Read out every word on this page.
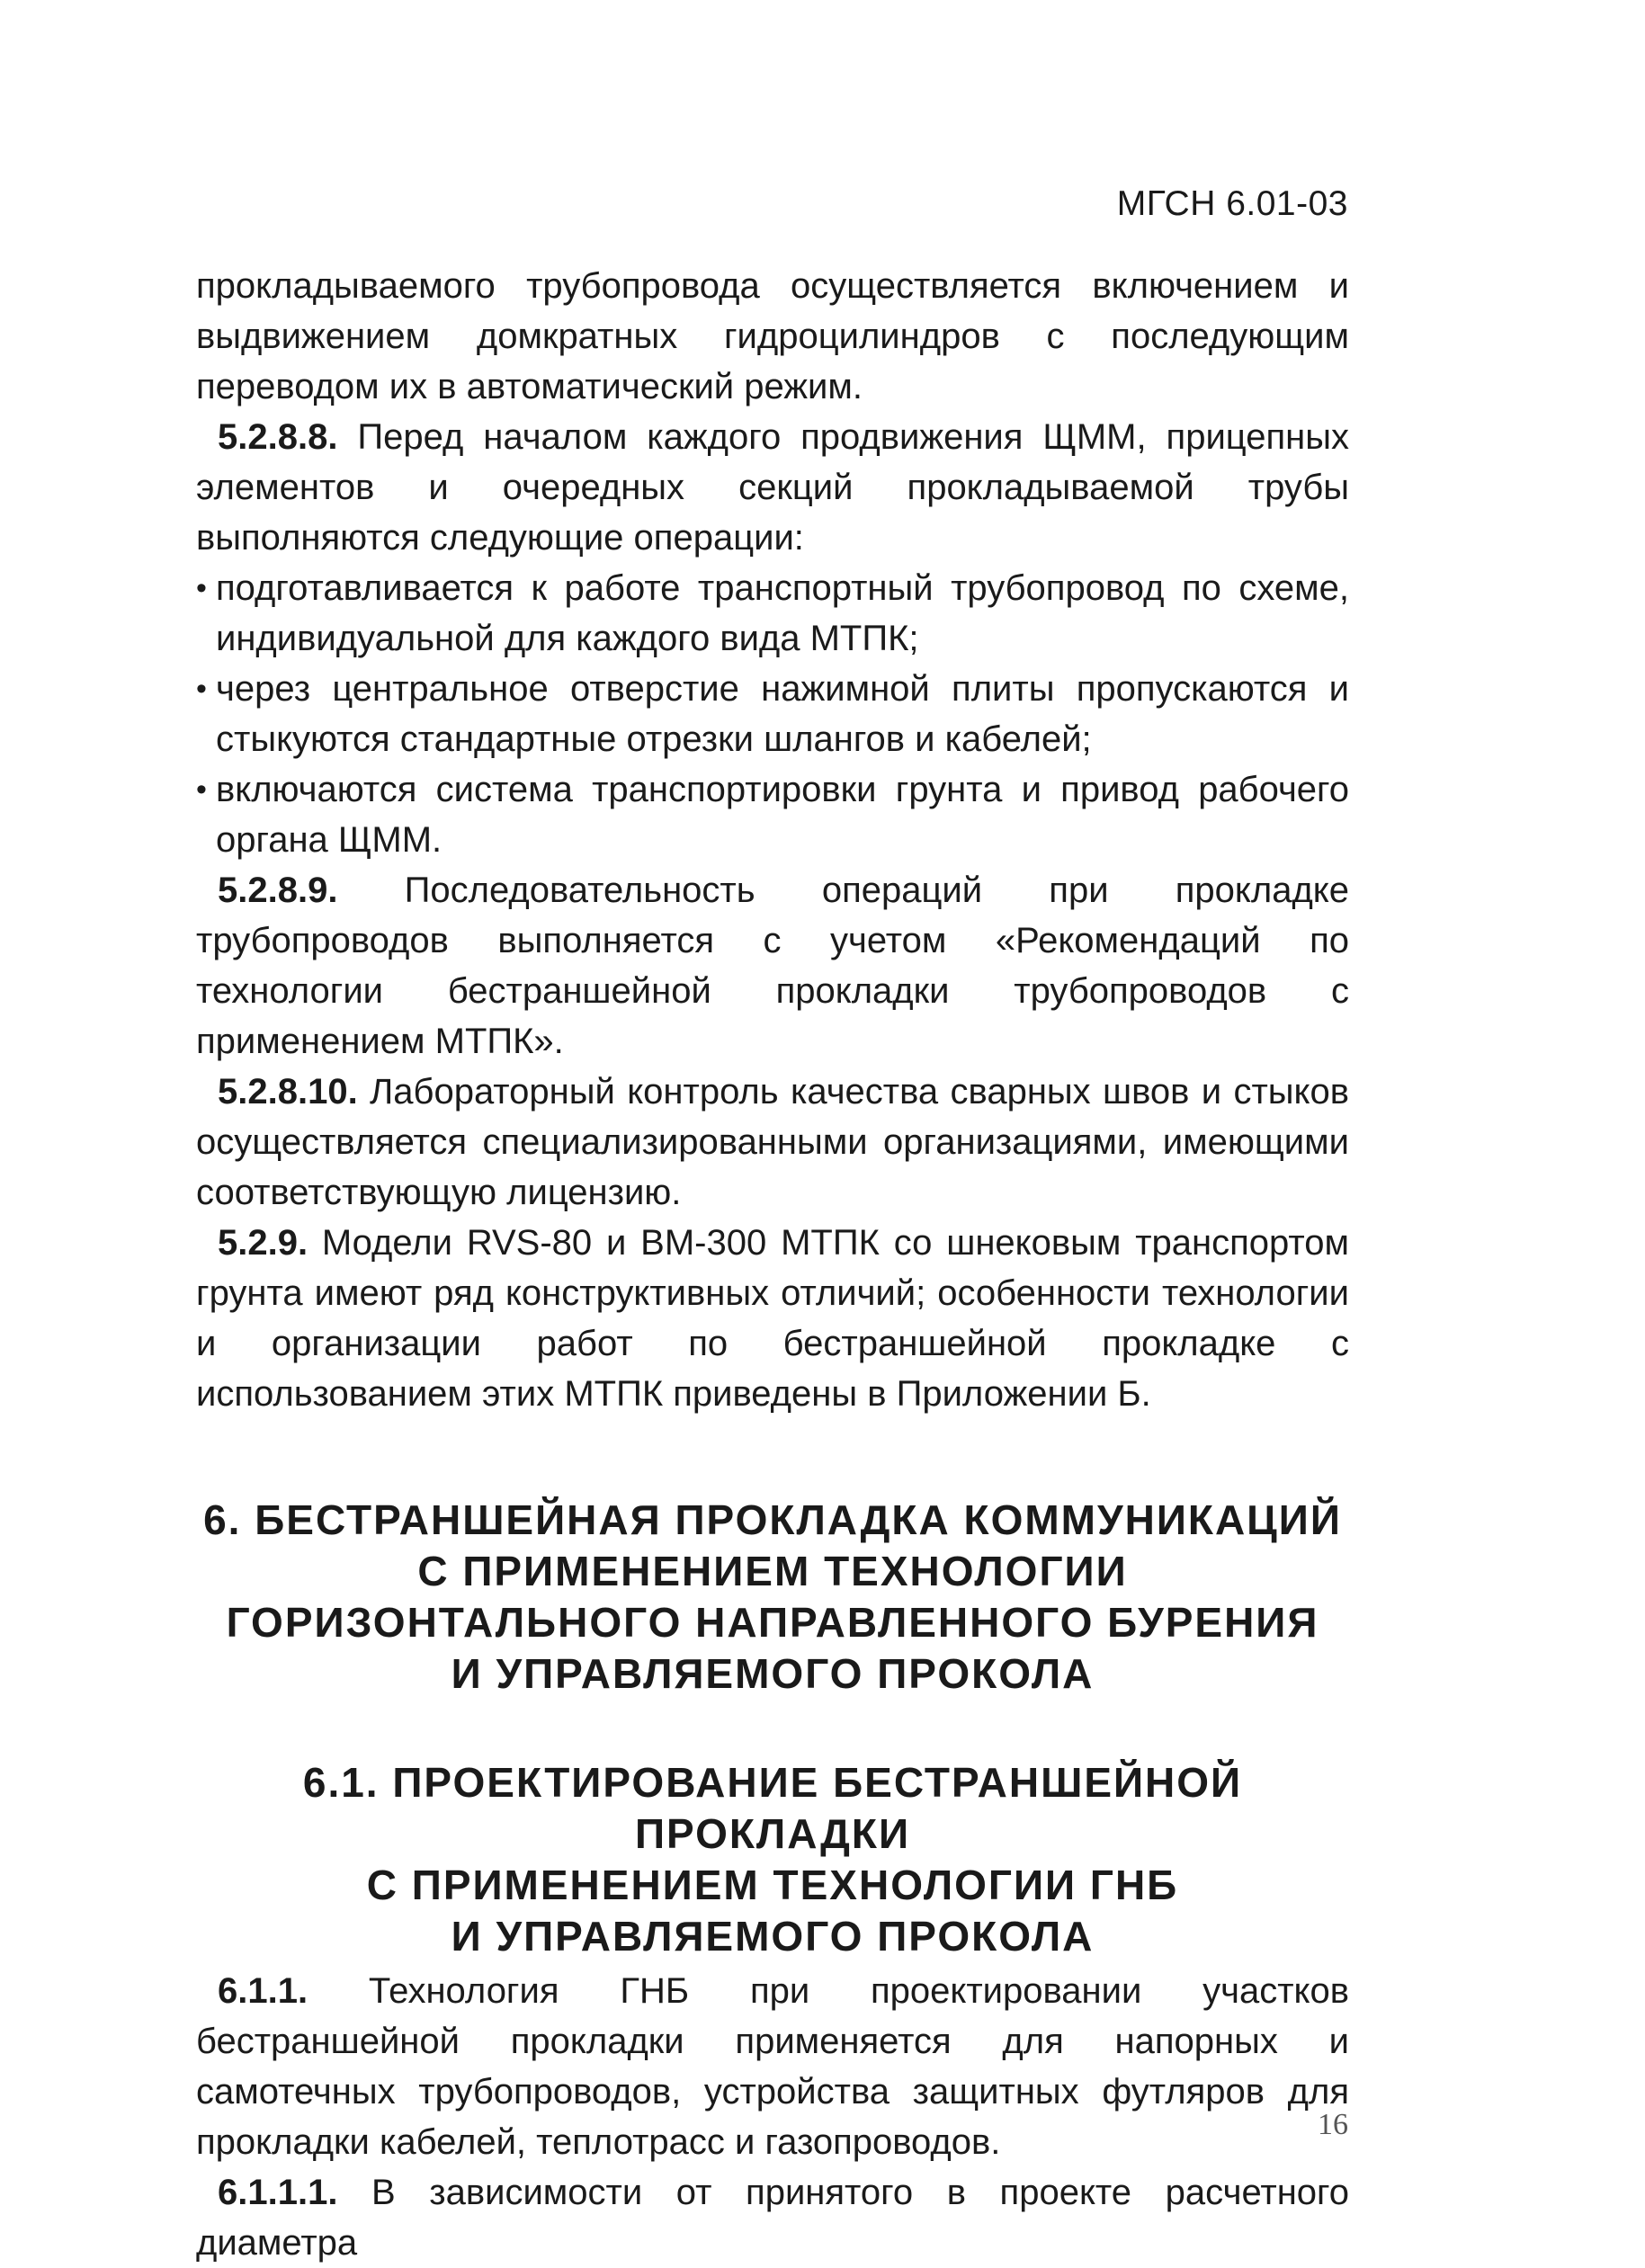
МГСН 6.01-03

прокладываемого трубопровода осуществляется включением и выдвижением домкратных гидроцилиндров с последующим переводом их в автоматический режим.

5.2.8.8. Перед началом каждого продвижения ЩММ, прицепных элементов и очередных секций прокладываемой трубы выполняются следующие операции:

• подготавливается к работе транспортный трубопровод по схеме, индивидуальной для каждого вида МТПК;
• через центральное отверстие нажимной плиты пропускаются и стыкуются стандартные отрезки шлангов и кабелей;
• включаются система транспортировки грунта и привод рабочего органа ЩММ.

5.2.8.9. Последовательность операций при прокладке трубопроводов выполняется с учетом «Рекомендаций по технологии бестраншейной прокладки трубопроводов с применением МТПК».

5.2.8.10. Лабораторный контроль качества сварных швов и стыков осуществляется специализированными организациями, имеющими соответствующую лицензию.

5.2.9. Модели RVS-80 и ВМ-300 МТПК со шнековым транспортом грунта имеют ряд конструктивных отличий; особенности технологии и организации работ по бестраншейной прокладке с использованием этих МТПК приведены в Приложении Б.

6. БЕСТРАНШЕЙНАЯ ПРОКЛАДКА КОММУНИКАЦИЙ
С ПРИМЕНЕНИЕМ ТЕХНОЛОГИИ
ГОРИЗОНТАЛЬНОГО НАПРАВЛЕННОГО БУРЕНИЯ
И УПРАВЛЯЕМОГО ПРОКОЛА
6.1. ПРОЕКТИРОВАНИЕ БЕСТРАНШЕЙНОЙ ПРОКЛАДКИ
С ПРИМЕНЕНИЕМ ТЕХНОЛОГИИ ГНБ
И УПРАВЛЯЕМОГО ПРОКОЛА

6.1.1. Технология ГНБ при проектировании участков бестраншейной прокладки применяется для напорных и самотечных трубопроводов, устройства защитных футляров для прокладки кабелей, теплотрасс и газопроводов.

6.1.1.1. В зависимости от принятого в проекте расчетного диаметра

16
